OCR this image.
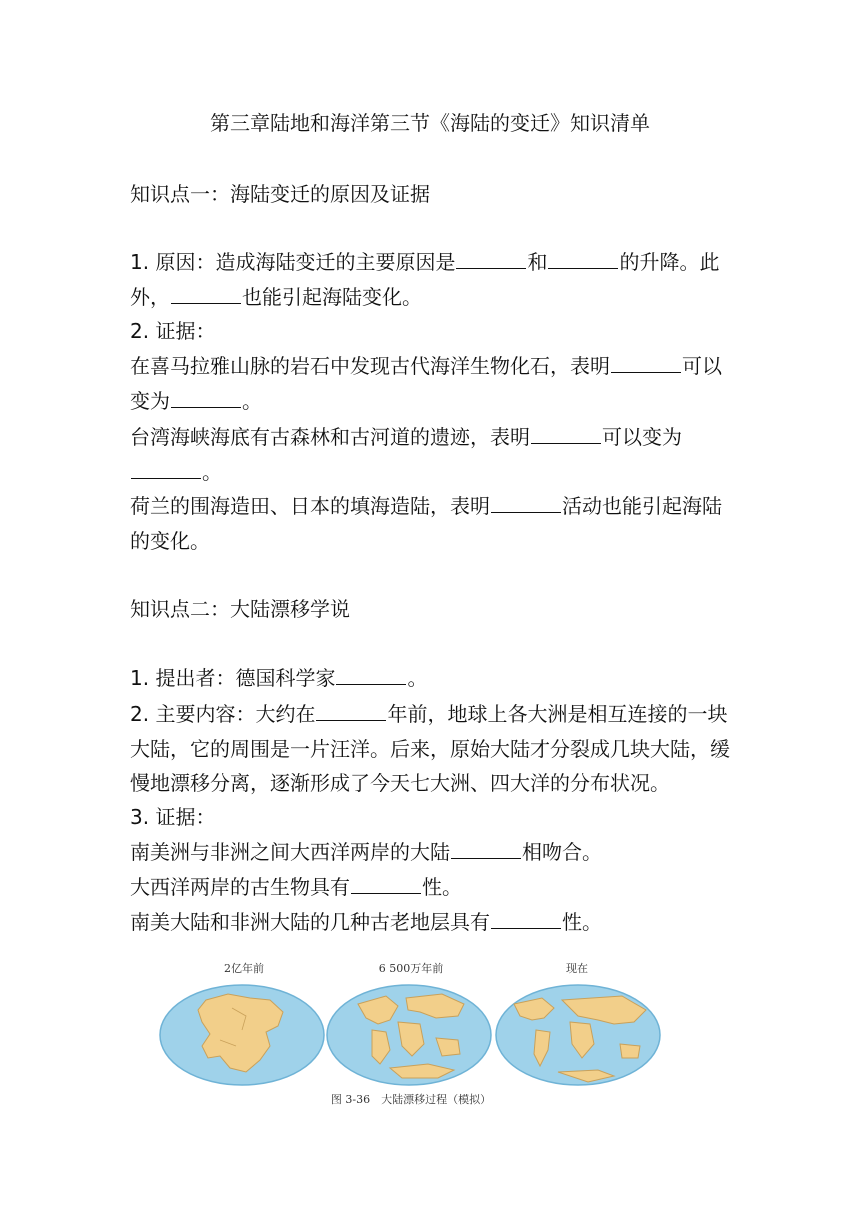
第三章陆地和海洋第三节《海陆的变迁》知识清单
知识点一：海陆变迁的原因及证据

1. 原因：造成海陆变迁的主要原因是	和	的升降。此外，	也能引起海陆变化。

2. 证据：

在喜马拉雅山脉的岩石中发现古代海洋生物化石，表明	可以变为	。

台湾海峡海底有古森林和古河道的遗迹，表明	可以变为。

荷兰的围海造田、日本的填海造陆，表明	活动也能引起海陆的变化。

知识点二：大陆漂移学说

1. 提出者：德国科学家	。

2. 主要内容：大约在	年前，地球上各大洲是相互连接的一块大陆，它的周围是一片汪洋。后来，原始大陆才分裂成几块大陆，缓慢地漂移分离，逐渐形成了今天七大洲、四大洋的分布状况。

3. 证据：

南美洲与非洲之间大西洋两岸的大陆	相吻合。

大西洋两岸的古生物具有	性。

南美大陆和非洲大陆的几种古老地层具有	性。

2亿年前	6 500万年前	现在
图 3-36　大陆漂移过程（模拟）
